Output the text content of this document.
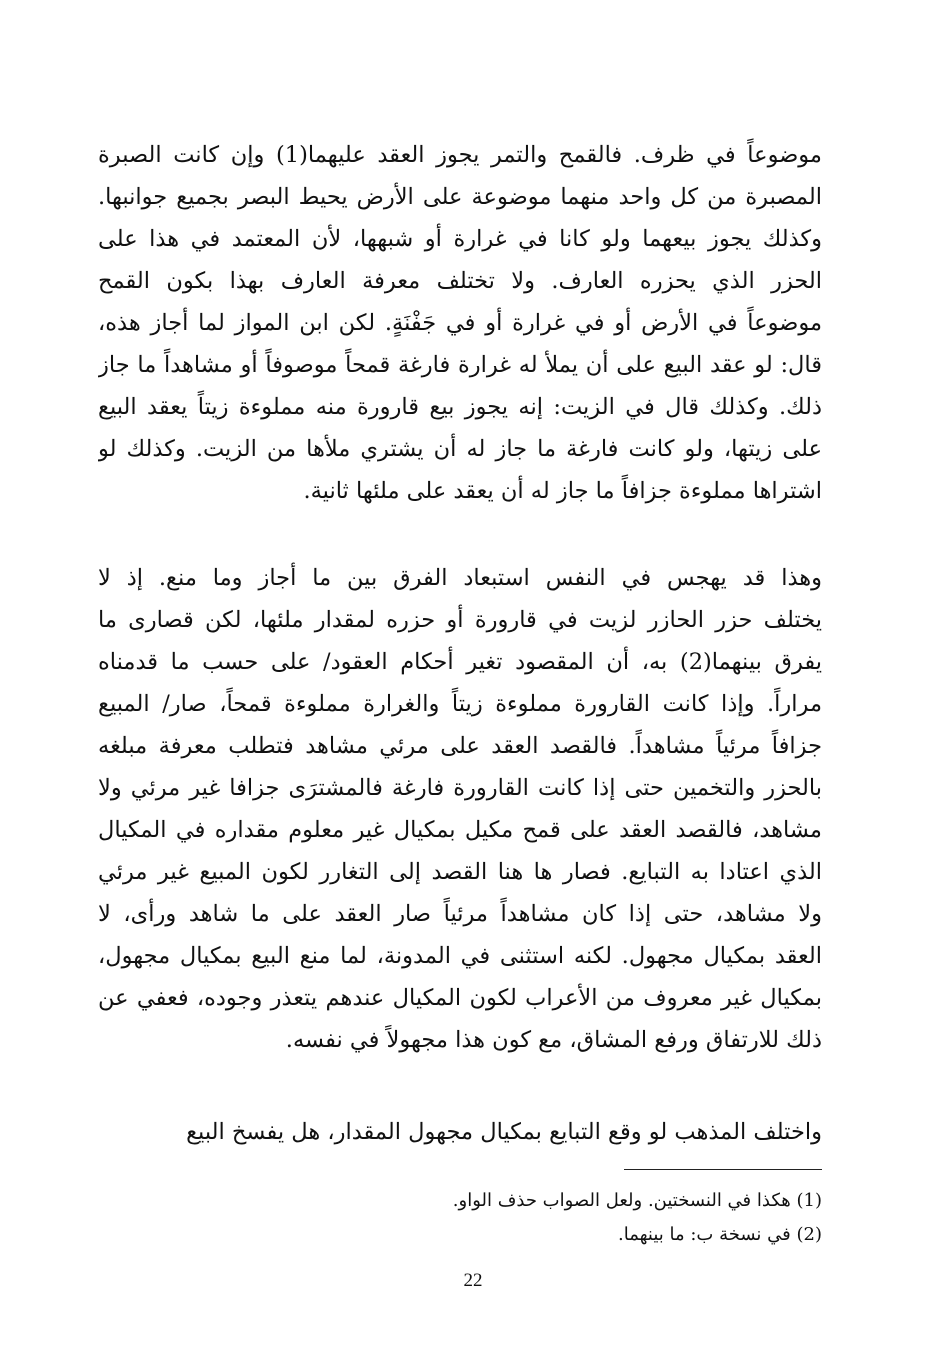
موضوعاً في ظرف. فالقمح والتمر يجوز العقد عليهما(1) وإن كانت الصبرة
المصبرة من كل واحد منهما موضوعة على الأرض يحيط البصر بجميع جوانبها.
وكذلك يجوز بيعهما ولو كانا في غرارة أو شبهها، لأن المعتمد في هذا على
الحزر الذي يحزره العارف. ولا تختلف معرفة العارف بهذا بكون القمح
موضوعاً في الأرض أو في غرارة أو في جَفْنَةٍ. لكن ابن المواز لما أجاز هذه،
قال: لو عقد البيع على أن يملأ له غرارة فارغة قمحاً موصوفاً أو مشاهداً ما جاز
ذلك. وكذلك قال في الزيت: إنه يجوز بيع قارورة منه مملوءة زيتاً يعقد البيع
على زيتها، ولو كانت فارغة ما جاز له أن يشتري ملأها من الزيت. وكذلك لو
اشتراها مملوءة جزافاً ما جاز له أن يعقد على ملئها ثانية.
وهذا قد يهجس في النفس استبعاد الفرق بين ما أجاز وما منع. إذ لا
يختلف حزر الحازر لزيت في قارورة أو حزره لمقدار ملئها، لكن قصارى ما
يفرق بينهما(2) به، أن المقصود تغير أحكام العقود/ على حسب ما قدمناه
مراراً. وإذا كانت القارورة مملوءة زيتاً والغرارة مملوءة قمحاً، صار/ المبيع
جزافاً مرئياً مشاهداً. فالقصد العقد على مرئي مشاهد فتطلب معرفة مبلغه
بالحزر والتخمين حتى إذا كانت القارورة فارغة فالمشترَى جزافا غير مرئي ولا
مشاهد، فالقصد العقد على قمح مكيل بمكيال غير معلوم مقداره في المكيال
الذي اعتادا به التبايع. فصار ها هنا القصد إلى التغارر لكون المبيع غير مرئي
ولا مشاهد، حتى إذا كان مشاهداً مرئياً صار العقد على ما شاهد ورأى، لا
العقد بمكيال مجهول. لكنه استثنى في المدونة، لما منع البيع بمكيال مجهول،
بمكيال غير معروف من الأعراب لكون المكيال عندهم يتعذر وجوده، فعفي عن
ذلك للارتفاق ورفع المشاق، مع كون هذا مجهولاً في نفسه.
واختلف المذهب لو وقع التبايع بمكيال مجهول المقدار، هل يفسخ البيع
(1) هكذا في النسختين. ولعل الصواب حذف الواو.
(2) في نسخة ب: ما بينهما.
22
